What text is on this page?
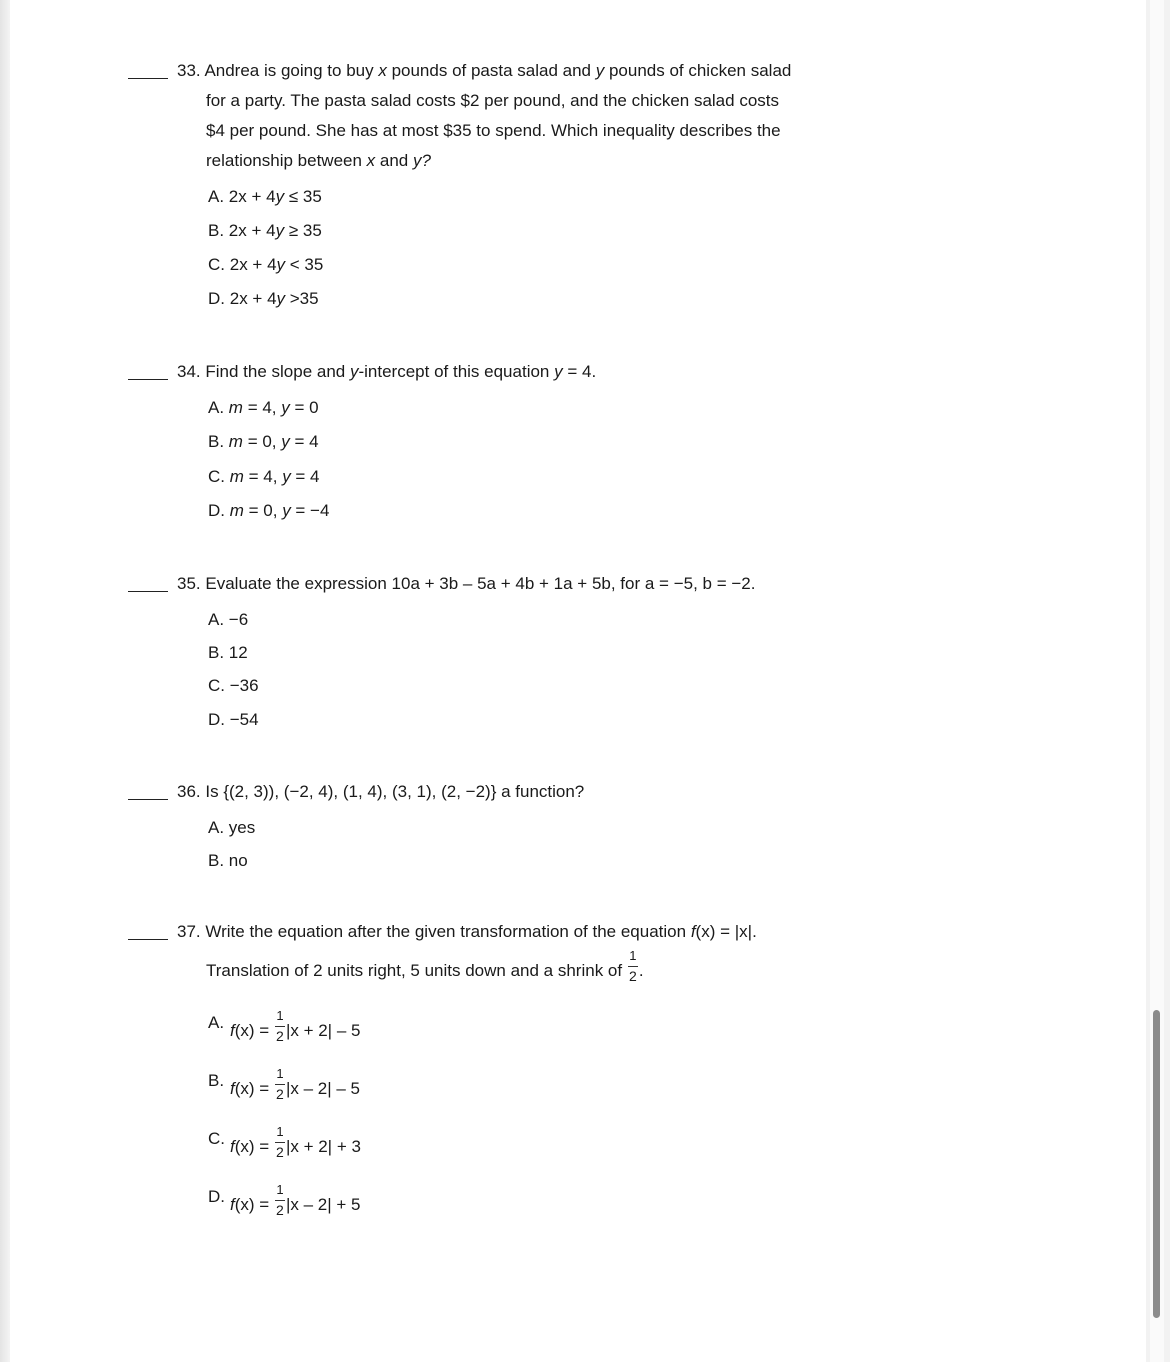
33. Andrea is going to buy x pounds of pasta salad and y pounds of chicken salad
for a party. The pasta salad costs $2 per pound, and the chicken salad costs
$4 per pound. She has at most $35 to spend. Which inequality describes the
relationship between x and y?
A. 2x + 4y ≤ 35
B. 2x + 4y ≥ 35
C. 2x + 4y < 35
D. 2x + 4y >35
34. Find the slope and y-intercept of this equation y = 4.
A. m = 4, y = 0
B. m = 0, y = 4
C. m = 4, y = 4
D. m = 0, y = −4
35. Evaluate the expression 10a + 3b – 5a + 4b + 1a + 5b, for a = −5, b = −2.
A. −6
B. 12
C. −36
D. −54
36. Is {(2, 3)), (−2, 4), (1, 4), (3, 1), (2, −2)} a function?
A. yes
B. no
37. Write the equation after the given transformation of the equation f(x) = |x|.
Translation of 2 units right, 5 units down and a shrink of $\frac{1}{2}$ .
A. $f(x) = \frac{1}{2} |x + 2| - 5$
B. $f(x) = \frac{1}{2} |x - 2| - 5$
C. $f(x) = \frac{1}{2} |x + 2| + 3$
D. $f(x) = \frac{1}{2} |x - 2| + 5$
